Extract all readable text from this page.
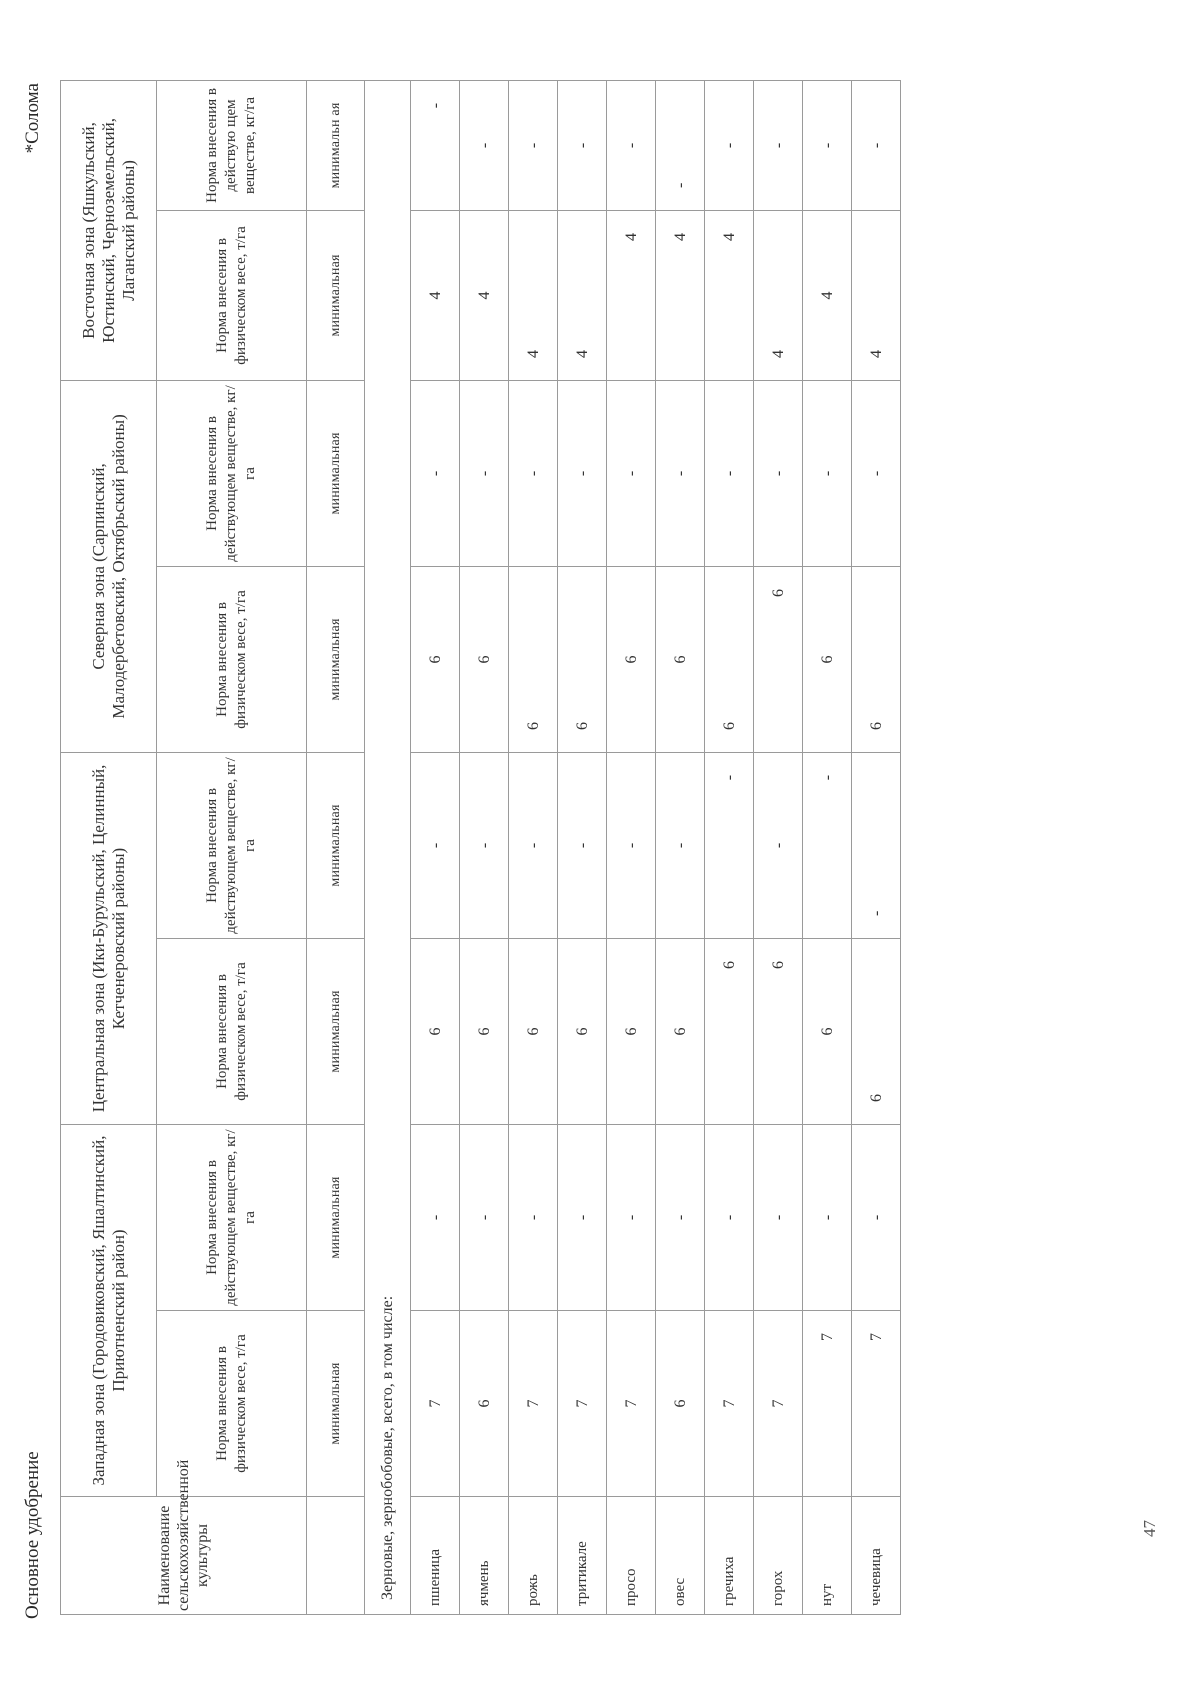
Основное удобрение
*Солома
Наименование сельскохозяйственной культуры	Западная зона (Городовиковский, Яшалтинский, Приютненский район)		Центральная зона (Ики-Бурульский, Целинный, Кетченеровский районы)		Северная зона (Сарпинский, Малодербетовский, Октябрьский районы)		Восточная зона (Яшкульский, Юстинский, Черноземельский, Лаганский районы)	
	Норма внесения в физическом весе, т/га	Норма внесения в действующем веществе, кг/га	Норма внесения в физическом весе, т/га	Норма внесения в действующем веществе, кг/га	Норма внесения в физическом весе, т/га	Норма внесения в действующем веществе, кг/га	Норма внесения в физическом весе, т/га	Норма внесения в действую щем веществе, кг/га
	минимальная	минимальная	минимальная	минимальная	минимальная	минимальная	минимальная	минимальн ая
Зерновые, зернобобовые, всего, в том числе:								
пшеница	7	-	6	-	6	-	4	-
ячмень	6	-	6	-	6	-	4	-
рожь	7	-	6	-	6	-	4	-
тритикале	7	-	6	-	6	-	4	-
просо	7	-	6	-	6	-	4	-
овес	6	-	6	-	6	-	4	-
гречиха	7	-	6	-	6	-	4	-
горох	7	-	6	-	6	-	4	-
нут	7	-	6	-	6	-	4	-
чечевица	7	-	6	-	6	-	4	-
47
